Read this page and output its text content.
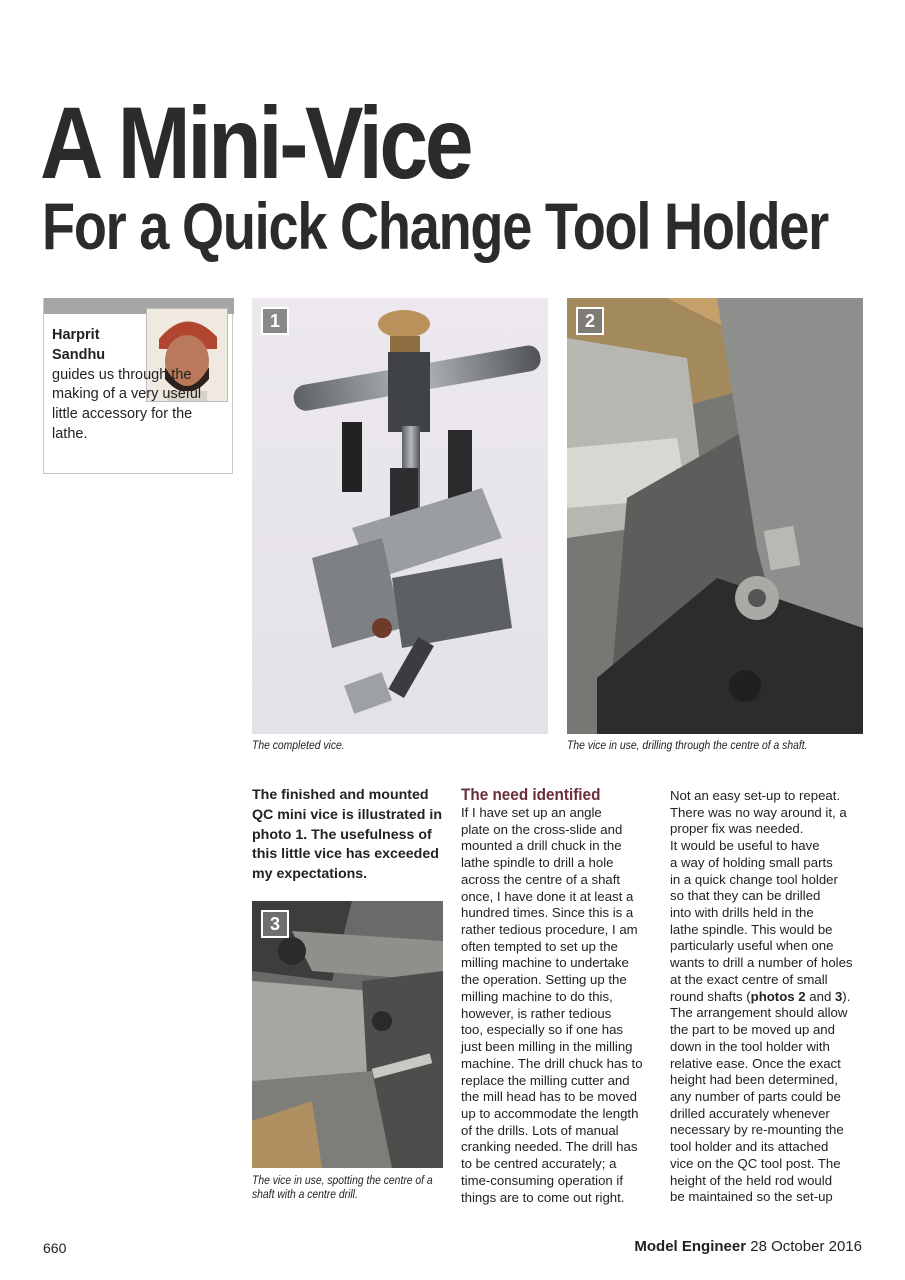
A Mini-Vice
For a Quick Change Tool Holder
Harprit Sandhu
guides us through the making of a very useful little accessory for the lathe.
1
The completed vice.
2
The vice in use, drilling through the centre of a shaft.
The finished and mounted QC mini vice is illustrated in photo 1. The usefulness of this little vice has exceeded my expectations.
3
The vice in use, spotting the centre of a shaft with a centre drill.
The need identified
If I have set up an angle
plate on the cross-slide and
mounted a drill chuck in the
lathe spindle to drill a hole
across the centre of a shaft
once, I have done it at least a
hundred times. Since this is a
rather tedious procedure, I am
often tempted to set up the
milling machine to undertake
the operation. Setting up the
milling machine to do this,
however, is rather tedious
too, especially so if one has
just been milling in the milling
machine. The drill chuck has to
replace the milling cutter and
the mill head has to be moved
up to accommodate the length
of the drills. Lots of manual
cranking needed. The drill has
to be centred accurately; a
time-consuming operation if
things are to come out right.
Not an easy set-up to repeat.
There was no way around it, a
proper fix was needed.
It would be useful to have
a way of holding small parts
in a quick change tool holder
so that they can be drilled
into with drills held in the
lathe spindle. This would be
particularly useful when one
wants to drill a number of holes
at the exact centre of small
round shafts (photos 2 and 3).
The arrangement should allow
the part to be moved up and
down in the tool holder with
relative ease. Once the exact
height had been determined,
any number of parts could be
drilled accurately whenever
necessary by re-mounting the
tool holder and its attached
vice on the QC tool post. The
height of the held rod would
be maintained so the set-up
660	Model Engineer 28 October 2016
